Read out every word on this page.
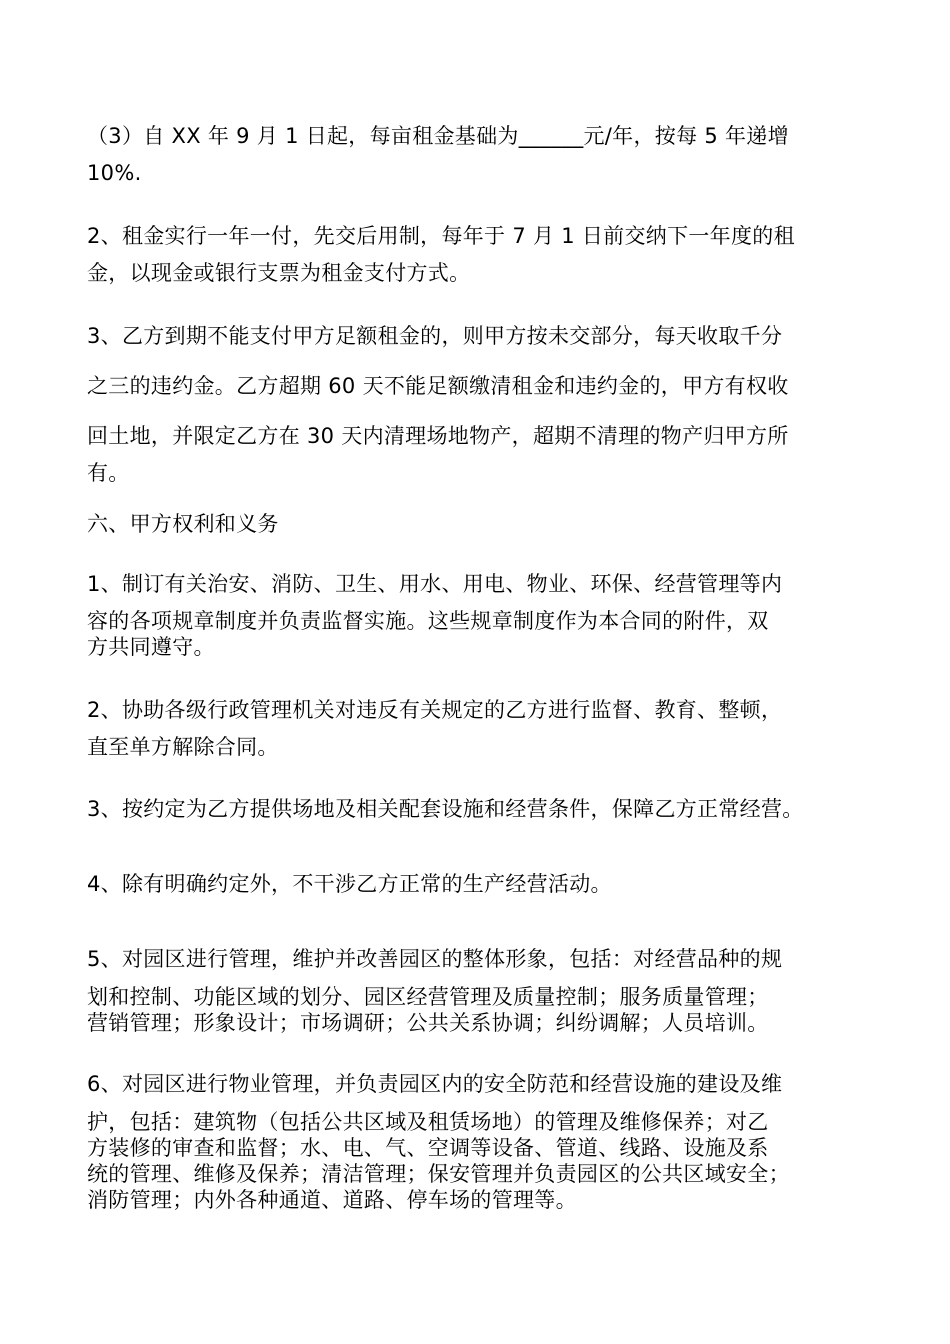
（3）自 XX 年 9 月 1 日起，每亩租金基础为______元/年，按每 5 年递增
10%.
2、租金实行一年一付，先交后用制，每年于 7 月 1 日前交纳下一年度的租
金，以现金或银行支票为租金支付方式。
3、乙方到期不能支付甲方足额租金的，则甲方按未交部分，每天收取千分
之三的违约金。乙方超期 60 天不能足额缴清租金和违约金的，甲方有权收
回土地，并限定乙方在 30 天内清理场地物产，超期不清理的物产归甲方所
有。
六、甲方权利和义务
1、制订有关治安、消防、卫生、用水、用电、物业、环保、经营管理等内
容的各项规章制度并负责监督实施。这些规章制度作为本合同的附件，双
方共同遵守。
2、协助各级行政管理机关对违反有关规定的乙方进行监督、教育、整顿，
直至单方解除合同。
3、按约定为乙方提供场地及相关配套设施和经营条件，保障乙方正常经营。
4、除有明确约定外，不干涉乙方正常的生产经营活动。
5、对园区进行管理，维护并改善园区的整体形象，包括：对经营品种的规
划和控制、功能区域的划分、园区经营管理及质量控制；服务质量管理；
营销管理；形象设计；市场调研；公共关系协调；纠纷调解；人员培训。
6、对园区进行物业管理，并负责园区内的安全防范和经营设施的建设及维
护，包括：建筑物（包括公共区域及租赁场地）的管理及维修保养；对乙
方装修的审查和监督；水、电、气、空调等设备、管道、线路、设施及系
统的管理、维修及保养；清洁管理；保安管理并负责园区的公共区域安全；
消防管理；内外各种通道、道路、停车场的管理等。
